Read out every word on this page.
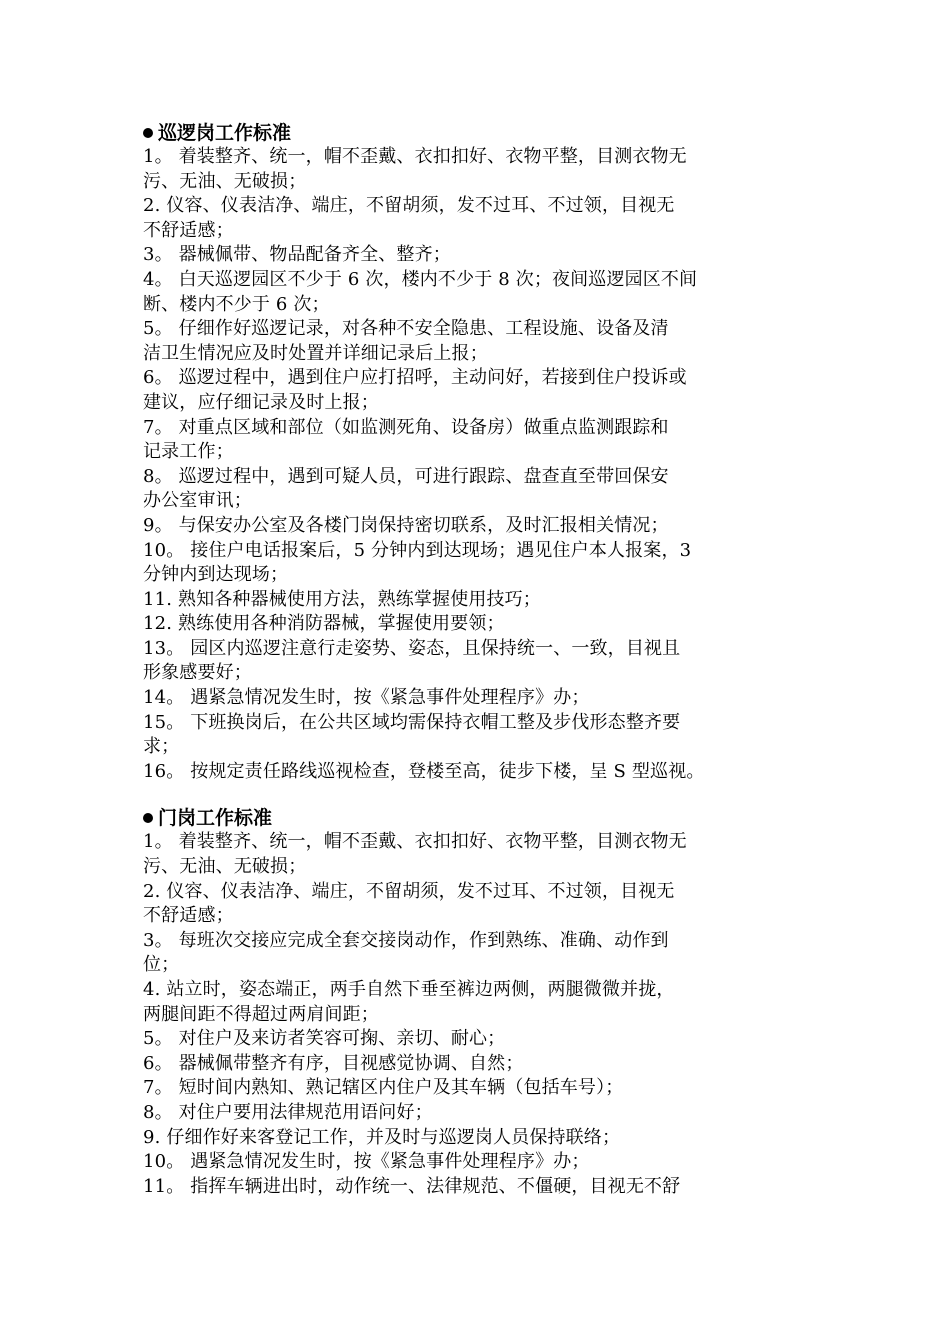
巡逻岗工作标准
1。 着装整齐、统一，帽不歪戴、衣扣扣好、衣物平整，目测衣物无
污、无油、无破损；
2. 仪容、仪表洁净、端庄，不留胡须，发不过耳、不过领，目视无
不舒适感；
3。 器械佩带、物品配备齐全、整齐；
4。 白天巡逻园区不少于 6 次，楼内不少于 8 次；夜间巡逻园区不间
断、楼内不少于 6 次；
5。 仔细作好巡逻记录，对各种不安全隐患、工程设施、设备及清
洁卫生情况应及时处置并详细记录后上报；
6。 巡逻过程中，遇到住户应打招呼，主动问好，若接到住户投诉或
建议，应仔细记录及时上报；
7。 对重点区域和部位（如监测死角、设备房）做重点监测跟踪和
记录工作；
8。 巡逻过程中，遇到可疑人员，可进行跟踪、盘查直至带回保安
办公室审讯；
9。 与保安办公室及各楼门岗保持密切联系，及时汇报相关情况；
10。 接住户电话报案后，5 分钟内到达现场；遇见住户本人报案，3
分钟内到达现场；
11. 熟知各种器械使用方法，熟练掌握使用技巧；
12. 熟练使用各种消防器械，掌握使用要领；
13。 园区内巡逻注意行走姿势、姿态，且保持统一、一致，目视且
形象感要好；
14。 遇紧急情况发生时，按《紧急事件处理程序》办；
15。 下班换岗后，在公共区域均需保持衣帽工整及步伐形态整齐要
求；
16。 按规定责任路线巡视检查，登楼至高，徒步下楼，呈 S 型巡视。
门岗工作标准
1。 着装整齐、统一，帽不歪戴、衣扣扣好、衣物平整，目测衣物无
污、无油、无破损；
2. 仪容、仪表洁净、端庄，不留胡须，发不过耳、不过领，目视无
不舒适感；
3。 每班次交接应完成全套交接岗动作，作到熟练、准确、动作到
位；
4. 站立时，姿态端正，两手自然下垂至裤边两侧，两腿微微并拢，
两腿间距不得超过两肩间距；
5。 对住户及来访者笑容可掬、亲切、耐心；
6。 器械佩带整齐有序，目视感觉协调、自然；
7。 短时间内熟知、熟记辖区内住户及其车辆（包括车号）；
8。 对住户要用法律规范用语问好；
9. 仔细作好来客登记工作，并及时与巡逻岗人员保持联络；
10。 遇紧急情况发生时，按《紧急事件处理程序》办；
11。 指挥车辆进出时，动作统一、法律规范、不僵硬，目视无不舒
